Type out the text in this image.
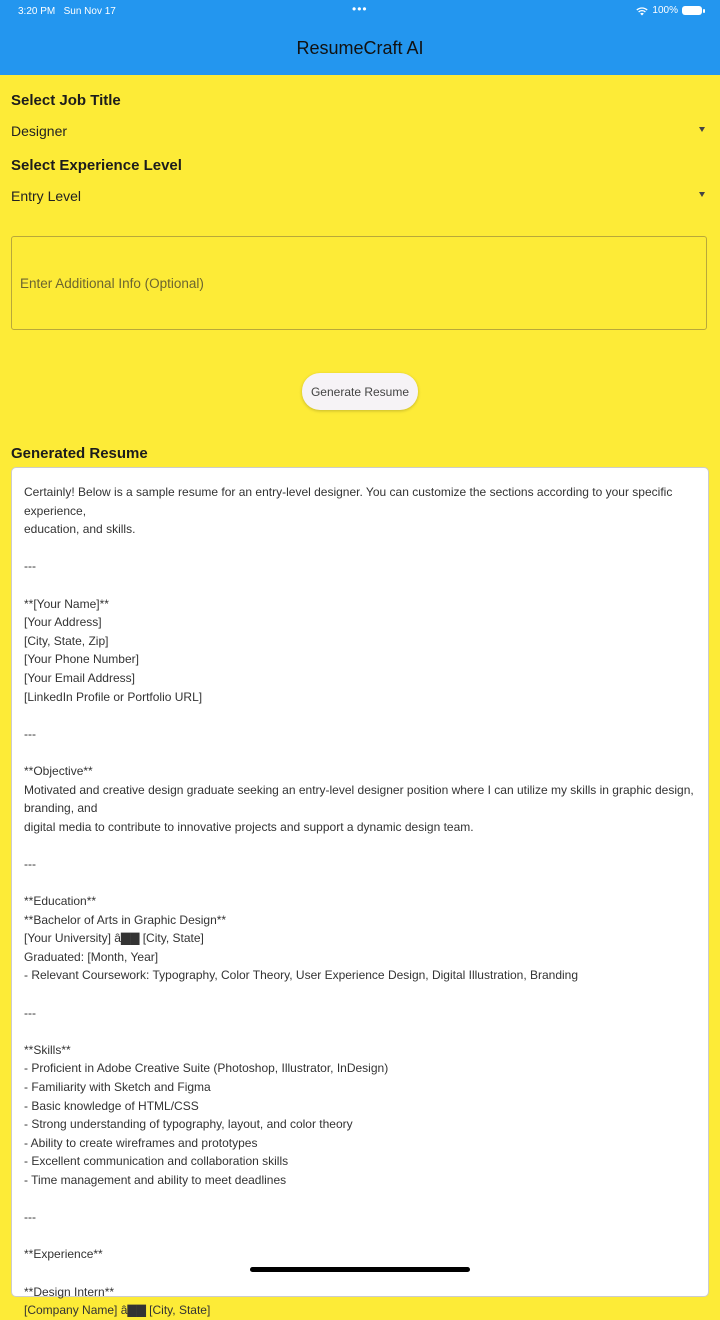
3:20 PM Sun Nov 17	•••	100%
ResumeCraft AI
Select Job Title
Designer
Select Experience Level
Entry Level
Enter Additional Info (Optional)
Generate Resume
Generated Resume
Certainly! Below is a sample resume for an entry-level designer. You can customize the sections according to your specific experience,
education, and skills.
---
**[Your Name]**
[Your Address]
[City, State, Zip]
[Your Phone Number]
[Your Email Address]
[LinkedIn Profile or Portfolio URL]
---
**Objective**
Motivated and creative design graduate seeking an entry-level designer position where I can utilize my skills in graphic design, branding, and
digital media to contribute to innovative projects and support a dynamic design team.
---
**Education**
**Bachelor of Arts in Graphic Design**
[Your University] â▇▇ [City, State]
Graduated: [Month, Year]
- Relevant Coursework: Typography, Color Theory, User Experience Design, Digital Illustration, Branding
---
**Skills**
- Proficient in Adobe Creative Suite (Photoshop, Illustrator, InDesign)
- Familiarity with Sketch and Figma
- Basic knowledge of HTML/CSS
- Strong understanding of typography, layout, and color theory
- Ability to create wireframes and prototypes
- Excellent communication and collaboration skills
- Time management and ability to meet deadlines
---
**Experience**
**Design Intern**
[Company Name] â▇▇ [City, State]
